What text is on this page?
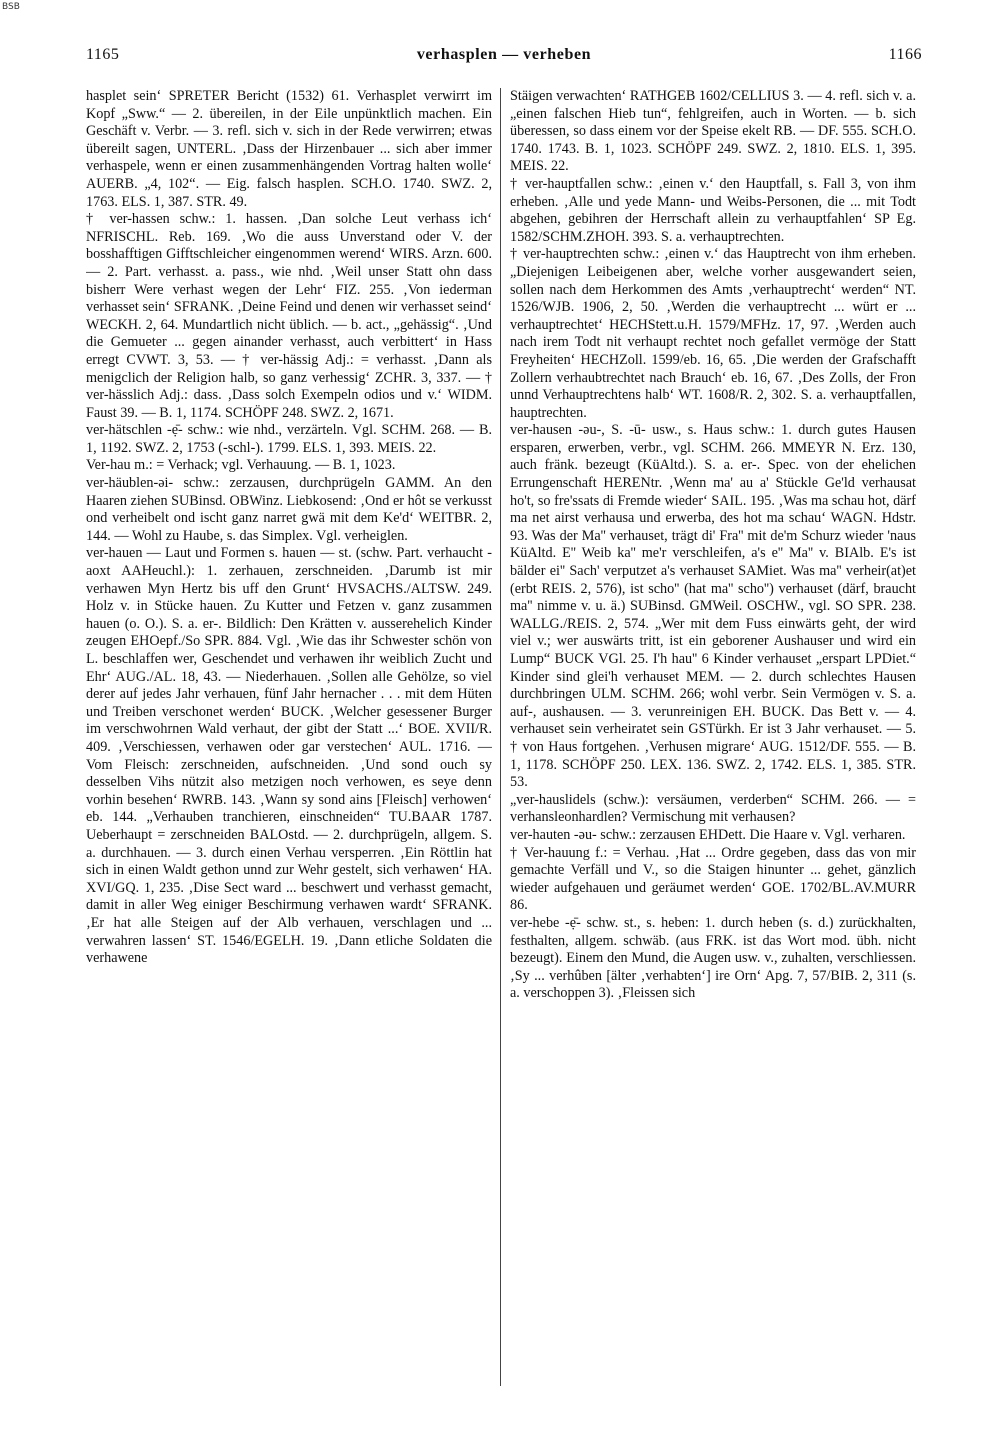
BSB
1165	verhasplen — verheben	1166

hasplet sein‘ SPRETER Bericht (1532) 61. Verhasplet verwirrt im Kopf „Sww.“ — 2. übereilen, in der Eile unpünktlich machen. Ein Geschäft v. Verbr. — 3. refl. sich v. sich in der Rede verwirren; etwas übereilt sagen, UNTERL. ‚Dass der Hirzenbauer ... sich aber immer verhaspele, wenn er einen zusammenhängenden Vortrag halten wolle‘ AUERB. „4, 102“. — Eig. falsch hasplen. SCH.O. 1740. SWZ. 2, 1763. ELS. 1, 387. STR. 49.

† ver-hassen schw.: 1. hassen. ‚Dan solche Leut verhass ich‘ NFRISCHL. Reb. 169. ‚Wo die auss Unverstand oder V. der bosshafftigen Gifftschleicher eingenommen werend‘ WIRS. Arzn. 600. — 2. Part. verhasst. a. pass., wie nhd. ‚Weil unser Statt ohn dass bisherr Were verhast wegen der Lehr‘ FIZ. 255. ‚Von iederman verhasset sein‘ SFRANK. ‚Deine Feind und denen wir verhasset seind‘ WECKH. 2, 64. Mundartlich nicht üblich. — b. act., „gehässig“. ‚Und die Gemueter ... gegen ainander verhasst, auch verbittert‘ in Hass erregt CVWT. 3, 53. — † ver-hässig Adj.: = verhasst. ‚Dann als menigclich der Religion halb, so ganz verhessig‘ ZCHR. 3, 337. — † ver-hässlich Adj.: dass. ‚Dass solch Exempeln odios und v.‘ WIDM. Faust 39. — B. 1, 1174. SCHÖPF 248. SWZ. 2, 1671.

ver-hätschlen -ẹ̄- schw.: wie nhd., verzärteln. Vgl. SCHM. 268. — B. 1, 1192. SWZ. 2, 1753 (-schl-). 1799. ELS. 1, 393. MEIS. 22.

Ver-hau m.: = Verhack; vgl. Verhauung. — B. 1, 1023.

ver-häublen-əi- schw.: zerzausen, durchprügeln GAMM. An den Haaren ziehen SUBinsd. OBWinz. Liebkosend: ‚Ond er hôt se verkusst ond verheibelt ond ischt ganz narret gwä mit dem Ke'd‘ WEITBR. 2, 144. — Wohl zu Haube, s. das Simplex. Vgl. verheiglen.

ver-hauen — Laut und Formen s. hauen — st. (schw. Part. verhaucht -aoxt AAHeuchl.): 1. zerhauen, zerschneiden. ‚Darumb ist mir verhawen Myn Hertz bis uff den Grunt‘ HVSACHS./ALTSW. 249. Holz v. in Stücke hauen. Zu Kutter und Fetzen v. ganz zusammen hauen (o. O.). S. a. er-. Bildlich: Den Krätten v. ausserehelich Kinder zeugen EHOepf./So SPR. 884. Vgl. ‚Wie das ihr Schwester schön von L. beschlaffen wer, Geschendet und verhawen ihr weiblich Zucht und Ehr‘ AUG./AL. 18, 43. — Niederhauen. ‚Sollen alle Gehölze, so viel derer auf jedes Jahr verhauen, fünf Jahr hernacher . . . mit dem Hüten und Treiben verschonet werden‘ BUCK. ‚Welcher gesessener Burger im verschwohrnen Wald verhaut, der gibt der Statt ...‘ BOE. XVII/R. 409. ‚Verschiessen, verhawen oder gar verstechen‘ AUL. 1716. — Vom Fleisch: zerschneiden, aufschneiden. ‚Und sond ouch sy desselben Vihs nützit also metzigen noch verhowen, es seye denn vorhin besehen‘ RWRB. 143. ‚Wann sy sond ains [Fleisch] verhowen‘ eb. 144. „Verhauben tranchieren, einschneiden“ TU.BAAR 1787. Ueberhaupt = zerschneiden BALOstd. — 2. durchprügeln, allgem. S. a. durchhauen. — 3. durch einen Verhau versperren. ‚Ein Röttlin hat sich in einen Waldt gethon unnd zur Wehr gestelt, sich verhawen‘ HA. XVI/GQ. 1, 235. ‚Dise Sect ward ... beschwert und verhasst gemacht, damit in aller Weg einiger Beschirmung verhawen wardt‘ SFRANK. ‚Er hat alle Steigen auf der Alb verhauen, verschlagen und ... verwahren lassen‘ ST. 1546/EGELH. 19. ‚Dann etliche Soldaten die verhawene

Stäigen verwachten‘ RATHGEB 1602/CELLIUS 3. — 4. refl. sich v. a. „einen falschen Hieb tun“, fehlgreifen, auch in Worten. — b. sich überessen, so dass einem vor der Speise ekelt RB. — DF. 555. SCH.O. 1740. 1743. B. 1, 1023. SCHÖPF 249. SWZ. 2, 1810. ELS. 1, 395. MEIS. 22.

† ver-hauptfallen schw.: ‚einen v.‘ den Hauptfall, s. Fall 3, von ihm erheben. ‚Alle und yede Mann- und Weibs-Personen, die ... mit Todt abgehen, gebihren der Herrschaft allein zu verhauptfahlen‘ SP Eg. 1582/SCHM.ZHOH. 393. S. a. verhauptrechten.

† ver-hauptrechten schw.: ‚einen v.‘ das Hauptrecht von ihm erheben. „Diejenigen Leibeigenen aber, welche vorher ausgewandert seien, sollen nach dem Herkommen des Amts ‚verhauptrecht‘ werden“ NT. 1526/WJB. 1906, 2, 50. ‚Werden die verhauptrecht ... würt er ... verhauptrechtet‘ HECHStett.u.H. 1579/MFHz. 17, 97. ‚Werden auch nach irem Todt nit verhaupt rechtet noch gefallet vermöge der Statt Freyheiten‘ HECHZoll. 1599/eb. 16, 65. ‚Die werden der Grafschafft Zollern verhaubtrechtet nach Brauch‘ eb. 16, 67. ‚Des Zolls, der Fron unnd Verhauptrechtens halb‘ WT. 1608/R. 2, 302. S. a. verhauptfallen, hauptrechten.

ver-hausen -əu-, S. -ū- usw., s. Haus schw.: 1. durch gutes Hausen ersparen, erwerben, verbr., vgl. SCHM. 266. MMEYR N. Erz. 130, auch fränk. bezeugt (KüAltd.). S. a. er-. Spec. von der ehelichen Errungenschaft HERENtr. ‚Wenn ma' au a' Stückle Ge'ld verhausat ho't, so fre'ssats di Fremde wieder‘ SAIL. 195. ‚Was ma schau hot, därf ma net airst verhausa und erwerba, des hot ma schau‘ WAGN. Hdstr. 93. Was der Ma'' verhauset, trägt di' Fra'' mit de'm Schurz wieder 'naus KüAltd. E'' Weib ka'' me'r verschleifen, a's e'' Ma'' v. BIAlb. E's ist bälder ei'' Sach' verputzet a's verhauset SAMiet. Was ma'' verheir(at)et (erbt REIS. 2, 576), ist scho'' (hat ma'' scho'') verhauset (därf, braucht ma'' nimme v. u. ä.) SUBinsd. GMWeil. OSCHW., vgl. SO SPR. 238. WALLG./REIS. 2, 574. „Wer mit dem Fuss einwärts geht, der wird viel v.; wer auswärts tritt, ist ein geborener Aushauser und wird ein Lump“ BUCK VGl. 25. I'h hau'' 6 Kinder verhauset „erspart LPDiet.“ Kinder sind glei'h verhauset MEM. — 2. durch schlechtes Hausen durchbringen ULM. SCHM. 266; wohl verbr. Sein Vermögen v. S. a. auf-, aushausen. — 3. verunreinigen EH. BUCK. Das Bett v. — 4. verhauset sein verheiratet sein GSTürkh. Er ist 3 Jahr verhauset. — 5. † von Haus fortgehen. ‚Verhusen migrare‘ AUG. 1512/DF. 555. — B. 1, 1178. SCHÖPF 250. LEX. 136. SWZ. 2, 1742. ELS. 1, 385. STR. 53.

„ver-hauslidels (schw.): versäumen, verderben“ SCHM. 266. — = verhansleonhardlen? Vermischung mit verhausen?

ver-hauten -əu- schw.: zerzausen EHDett. Die Haare v. Vgl. verharen.

† Ver-hauung f.: = Verhau. ‚Hat ... Ordre gegeben, dass das von mir gemachte Verfäll und V., so die Staigen hinunter ... gehet, gänzlich wieder aufgehauen und geräumet werden‘ GOE. 1702/BL.AV.MURR 86.

ver-hebe -ẹ̄- schw. st., s. heben: 1. durch heben (s. d.) zurückhalten, festhalten, allgem. schwäb. (aus FRK. ist das Wort mod. übh. nicht bezeugt). Einem den Mund, die Augen usw. v., zuhalten, verschliessen. ‚Sy ... verhûben [älter ‚verhabten‘] ire Orn‘ Apg. 7, 57/BIB. 2, 311 (s. a. verschoppen 3). ‚Fleissen sich
